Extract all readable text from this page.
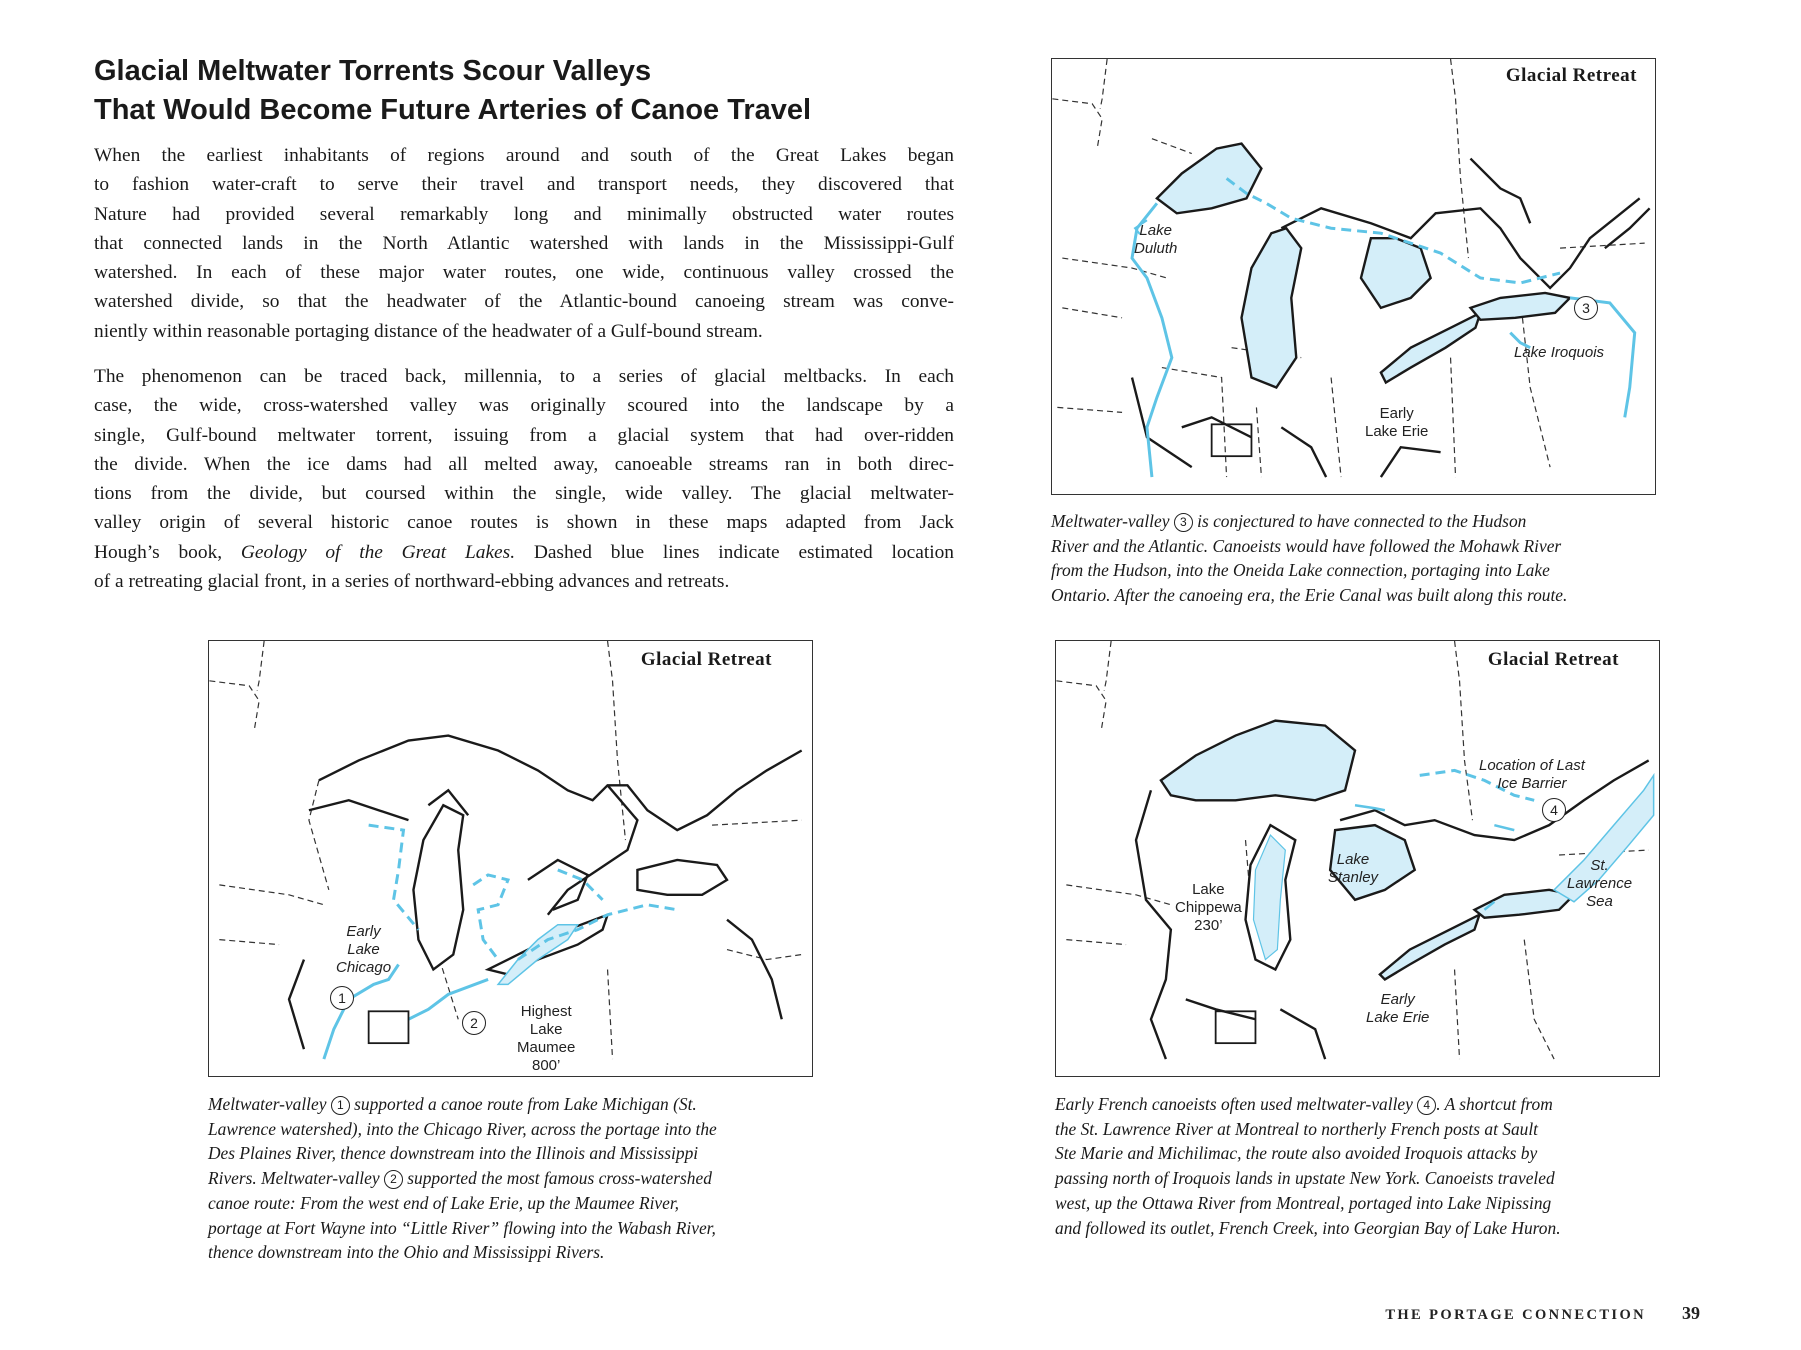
Glacial Meltwater Torrents Scour Valleys
That Would Become Future Arteries of Canoe Travel

When the earliest inhabitants of regions around and south of the Great Lakes began
to fashion water-craft to serve their travel and transport needs, they discovered that
Nature had provided several remarkably long and minimally obstructed water routes
that connected lands in the North Atlantic watershed with lands in the Mississippi-Gulf
watershed. In each of these major water routes, one wide, continuous valley crossed the
watershed divide, so that the headwater of the Atlantic-bound canoeing stream was conve-
niently within reasonable portaging distance of the headwater of a Gulf-bound stream.

The phenomenon can be traced back, millennia, to a series of glacial meltbacks. In each
case, the wide, cross-watershed valley was originally scoured into the landscape by a
single, Gulf-bound meltwater torrent, issuing from a glacial system that had over-ridden
the divide. When the ice dams had all melted away, canoeable streams ran in both direc-
tions from the divide, but coursed within the single, wide valley. The glacial meltwater-
valley origin of several historic canoe routes is shown in these maps adapted from Jack
Hough’s book, Geology of the Great Lakes. Dashed blue lines indicate estimated location
of a retreating glacial front, in a series of northward-ebbing advances and retreats.

Glacial Retreat
Lake
Duluth
Early
Lake Erie
Lake Iroquois
3

Meltwater-valley 3 is conjectured to have connected to the Hudson
River and the Atlantic. Canoeists would have followed the Mohawk River
from the Hudson, into the Oneida Lake connection, portaging into Lake
Ontario. After the canoeing era, the Erie Canal was built along this route.

Glacial Retreat
Early
Lake
Chicago
Highest
Lake
Maumee
800’
1
2

Meltwater-valley 1 supported a canoe route from Lake Michigan (St.
Lawrence watershed), into the Chicago River, across the portage into the
Des Plaines River, thence downstream into the Illinois and Mississippi
Rivers. Meltwater-valley 2 supported the most famous cross-watershed
canoe route: From the west end of Lake Erie, up the Maumee River,
portage at Fort Wayne into “Little River” flowing into the Wabash River,
thence downstream into the Ohio and Mississippi Rivers.

Glacial Retreat
Location of Last
Ice Barrier
4
Lake
Stanley
Lake
Chippewa
230’
St.
Lawrence
Sea
Early
Lake Erie

Early French canoeists often used meltwater-valley 4 . A shortcut from
the St. Lawrence River at Montreal to northerly French posts at Sault
Ste Marie and Michilimac, the route also avoided Iroquois attacks by
passing north of Iroquois lands in upstate New York. Canoeists traveled
west, up the Ottawa River from Montreal, portaged into Lake Nipissing
and followed its outlet, French Creek, into Georgian Bay of Lake Huron.

THE PORTAGE CONNECTION 39
